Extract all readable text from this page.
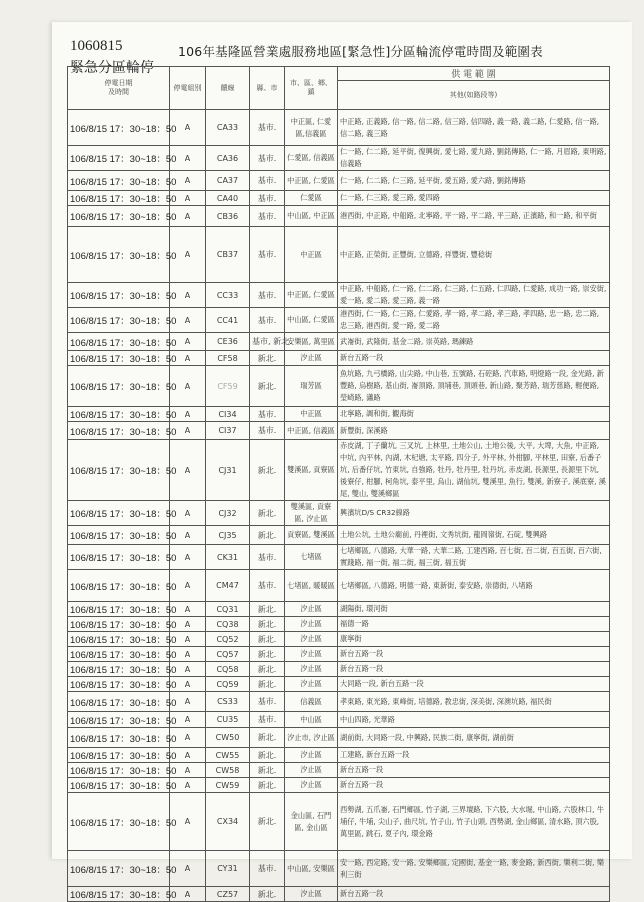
1060815
緊急分區輪停
106年基隆區營業處服務地區[緊急性]分區輪流停電時間及範圍表
停電日期
及時間	停電組別	饋線	縣、市	市、區、鄉、鎮	供 電 範 圍
					其他(如路段等)
106/8/15 17：30~18：50	A	CA33	基市.	中正區, 仁愛區,信義區	中正路, 正義路, 信一路, 信二路, 信三路, 信四路, 義一路, 義二路, 仁愛路, 信一路, 信二路, 義三路
106/8/15 17：30~18：50	A	CA36	基市.	仁愛區, 信義區	仁一路, 仁二路, 延平街, 復興街, 愛七路, 愛九路, 劉銘傳路, 仁一路, 月眉路, 東明路, 信義路
106/8/15 17：30~18：50	A	CA37	基市.	中正區, 仁愛區	仁一路, 仁二路, 仁三路, 延平街, 愛五路, 愛六路, 劉銘傳路
106/8/15 17：30~18：50	A	CA40	基市.	仁愛區	仁一路, 仁三路, 愛三路, 愛四路
106/8/15 17：30~18：50	A	CB36	基市.	中山區, 中正區	港西街, 中正路, 中船路, 北寧路, 平一路, 平二路, 平三路, 正濱路, 和一路, 和平街
106/8/15 17：30~18：50	A	CB37	基市.	中正區	中正路, 正榮街, 正豐街, 立德路, 祥豐街, 豐稔街
106/8/15 17：30~18：50	A	CC33	基市.	中正區, 仁愛區	中正路, 中船路, 仁一路, 仁二路, 仁三路, 仁五路, 仁四路, 仁愛路, 成功一路, 崇安街, 愛一路, 愛二路, 愛三路, 義一路
106/8/15 17：30~18：50	A	CC41	基市.	中山區, 仁愛區	港西街, 仁一路, 仁三路, 仁愛路, 孝一路, 孝二路, 孝三路, 孝四路, 忠一路, 忠二路, 忠三路, 港西街, 愛一路, 愛二路
106/8/15 17：30~18：50	A	CE36	基市, 新北.	安樂區, 萬里區	武崙街, 武隆街, 基金二路, 崇英路, 瑪鍊路
106/8/15 17：30~18：50	A	CF58	新北.	汐止區	新台五路一段
106/8/15 17：30~18：50	A	CF59	新北.	瑞芳區	魚坑路, 九弓橋路, 山尖路, 中山巷, 五號路, 石硿路, 汽車路, 明燈路一段, 金光路, 新豐路, 烏樹路, 基山街, 崙頂路, 頂埔巷, 頂頭巷, 新山路, 聚芳路, 瑞芳慈路, 輕便路, 瑩崎路, 瀟路
106/8/15 17：30~18：50	A	CI34	基市.	中正區	北寧路, 調和街, 觀海街
106/8/15 17：30~18：50	A	CI37	基市.	中正區, 信義區	新豐街, 深溪路
106/8/15 17：30~18：50	A	CJ31	新北.	雙溪區, 貢寮區	赤皮湖, 丁子蘭坑, 三叉坑, 上林里, 土地公山, 土地公後, 大平, 大埤, 大魚, 中正路, 中坑, 內平林, 內湖, 木杞塘, 太平路, 四分子, 外平林, 外柑腳, 平林里, 田寮, 后番子坑, 后番仔坑, 竹東坑, 自強路, 牡丹, 牡丹里, 牡丹坑, 赤皮湖, 長源里, 長源里下坑, 後寮仔, 柑腳, 柯角坑, 泰平里, 烏山, 湖仙坑, 雙溪里, 魚行, 雙溪, 新寮子, 溪底寮, 溪尾, 雙山, 雙溪鄉區
106/8/15 17：30~18：50	A	CJ32	新北.	雙溪區, 貢寮區, 汐止區	興濱坑D/S CR32線路
106/8/15 17：30~18：50	A	CJ35	新北.	貢寮區, 雙溪區	土地公坑, 土地公廟前, 丹裡街, 文秀坑街, 龍岡嶺街, 石碇, 雙興路
106/8/15 17：30~18：50	A	CK31	基市.	七堵區	七堵鄉區, 八德路, 大華一路, 大華二路, 工建西路, 百七街, 百二街, 百五街, 百六街, 實踐路, 福一街, 福二街, 福三街, 福五街
106/8/15 17：30~18：50	A	CM47	基市.	七堵區, 暖暖區	七堵鄉區, 八德路, 明德一路, 東新街, 泰安路, 崇德街, 八堵路
106/8/15 17：30~18：50	A	CQ31	新北.	汐止區	湖陽街, 環河街
106/8/15 17：30~18：50	A	CQ38	新北.	汐止區	福德一路
106/8/15 17：30~18：50	A	CQ52	新北.	汐止區	康寧街
106/8/15 17：30~18：50	A	CQ57	新北.	汐止區	新台五路一段
106/8/15 17：30~18：50	A	CQ58	新北.	汐止區	新台五路一段
106/8/15 17：30~18：50	A	CQ59	新北.	汐止區	大同路一段, 新台五路一段
106/8/15 17：30~18：50	A	CS33	基市.	信義區	孝東路, 東光路, 東峰街, 培德路, 教忠街, 深美街, 深澳坑路, 福民街
106/8/15 17：30~18：50	A	CU35	基市.	中山區	中山四路, 光華路
106/8/15 17：30~18：50	A	CW50	新北.	汐止市, 汐止區	湖前街, 大同路一段, 中興路, 民族二街, 康寧街, 湖前街
106/8/15 17：30~18：50	A	CW55	新北.	汐止區	工建路, 新台五路一段
106/8/15 17：30~18：50	A	CW58	新北.	汐止區	新台五路一段
106/8/15 17：30~18：50	A	CW59	新北.	汐止區	新台五路一段
106/8/15 17：30~18：50	A	CX34	新北.	金山區, 石門區, 金山區	西勢湖, 五爪崙, 石門鄉區, 竹子湖, 三界壇路, 下六股, 大水堀, 中山路, 六股林口, 牛埔仔, 牛埔, 尖山子, 曲尺坑, 竹子山, 竹子山頭, 西勢湖, 金山鄉區, 清水路, 頂六股, 萬里區, 跳石, 夏子內, 環金路
106/8/15 17：30~18：50	A	CY31	基市.	中山區, 安樂區	安一路, 西定路, 安一路, 安樂鄉區, 定國街, 基金一路, 麥金路, 新西街, 樂利二街, 樂利三街
106/8/15 17：30~18：50	A	CZ57	新北.	汐止區	新台五路一段
